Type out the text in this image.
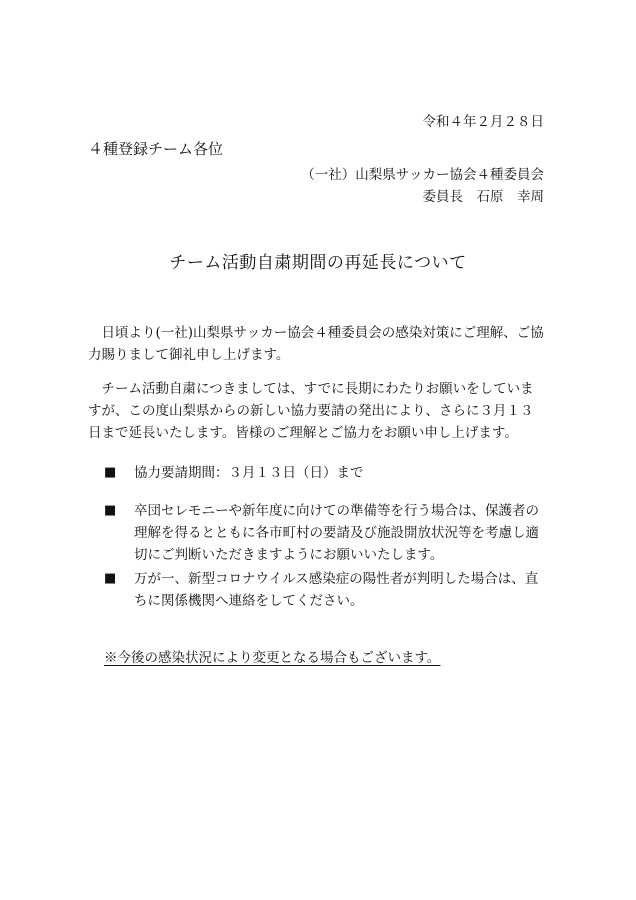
令和４年２月２８日
４種登録チーム各位
（一社）山梨県サッカー協会４種委員会
委員長　石原　幸周
チーム活動自粛期間の再延長について

日頃より(一社)山梨県サッカー協会４種委員会の感染対策にご理解、ご協力賜りまして御礼申し上げます。

チーム活動自粛につきましては、すでに長期にわたりお願いをしていますが、この度山梨県からの新しい協力要請の発出により、さらに３月１３日まで延長いたします。皆様のご理解とご協力をお願い申し上げます。

■	協力要請期間：３月１３日（日）まで
■	卒団セレモニーや新年度に向けての準備等を行う場合は、保護者の理解を得るとともに各市町村の要請及び施設開放状況等を考慮し適切にご判断いただきますようにお願いいたします。
■	万が一、新型コロナウイルス感染症の陽性者が判明した場合は、直ちに関係機関へ連絡をしてください。
※今後の感染状況により変更となる場合もございます。
